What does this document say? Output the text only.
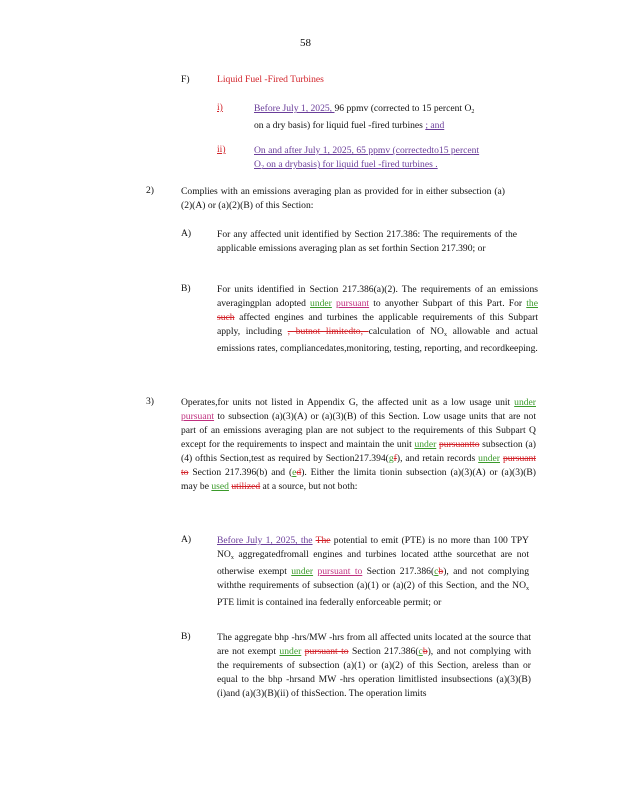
58
F)	Liquid Fuel -Fired Turbines
i)	Before July 1, 2025, 96 ppmv (corrected to 15 percent $O_2$
on a dry basis) for liquid fuel -fired turbines ; and
ii)	On and after July 1, 2025, 65 ppmv (correctedto15 percent
$O_2$ on a drybasis) for liquid fuel -fired turbines .
2)	Complies with an emissions averaging plan as provided for in either subsection (a)(2)(A) or (a)(2)(B) of this Section:
A)	For any affected unit identified by Section 217.386: The requirements of the applicable emissions averaging plan as set forthin Section 217.390; or
B)	For units identified in Section 217.386(a)(2). The requirements of an emissions averagingplan adopted under pursuant to anyother Subpart of this Part. For the such affected engines and turbines the applicable requirements of this Subpart apply, including , butnot limitedto, calculation of $NO_x$ allowable and actual emissions rates, compliancedates,monitoring, testing, reporting, and recordkeeping.
3)	Operates,for units not listed in Appendix G, the affected unit as a low usage unit under pursuant to subsection (a)(3)(A) or (a)(3)(B) of this Section. Low usage units that are not part of an emissions averaging plan are not subject to the requirements of this Subpart Q except for the requirements to inspect and maintain the unit under pursuantto subsection (a)(4) ofthis Section,test as required by Section217.394(gf), and retain records under pursuant to Section 217.396(b) and (ed). Either the limita tionin subsection (a)(3)(A) or (a)(3)(B) may be used utilized at a source, but not both:
A)	Before July 1, 2025, the The potential to emit (PTE) is no more than 100 TPY $NO_x$ aggregatedfromall engines and turbines located atthe sourcethat are not otherwise exempt under pursuant to Section 217.386(cb), and not complying withthe requirements of subsection (a)(1) or (a)(2) of this Section, and the $NO_x$ PTE limit is contained ina federally enforceable permit; or
B)	The aggregate bhp -hrs/MW -hrs from all affected units located at the source that are not exempt under pursuant to Section 217.386(cb), and not complying with the requirements of subsection (a)(1) or (a)(2) of this Section, areless than or equal to the bhp -hrsand MW -hrs operation limitlisted insubsections (a)(3)(B)(i)and (a)(3)(B)(ii) of thisSection. The operation limits
